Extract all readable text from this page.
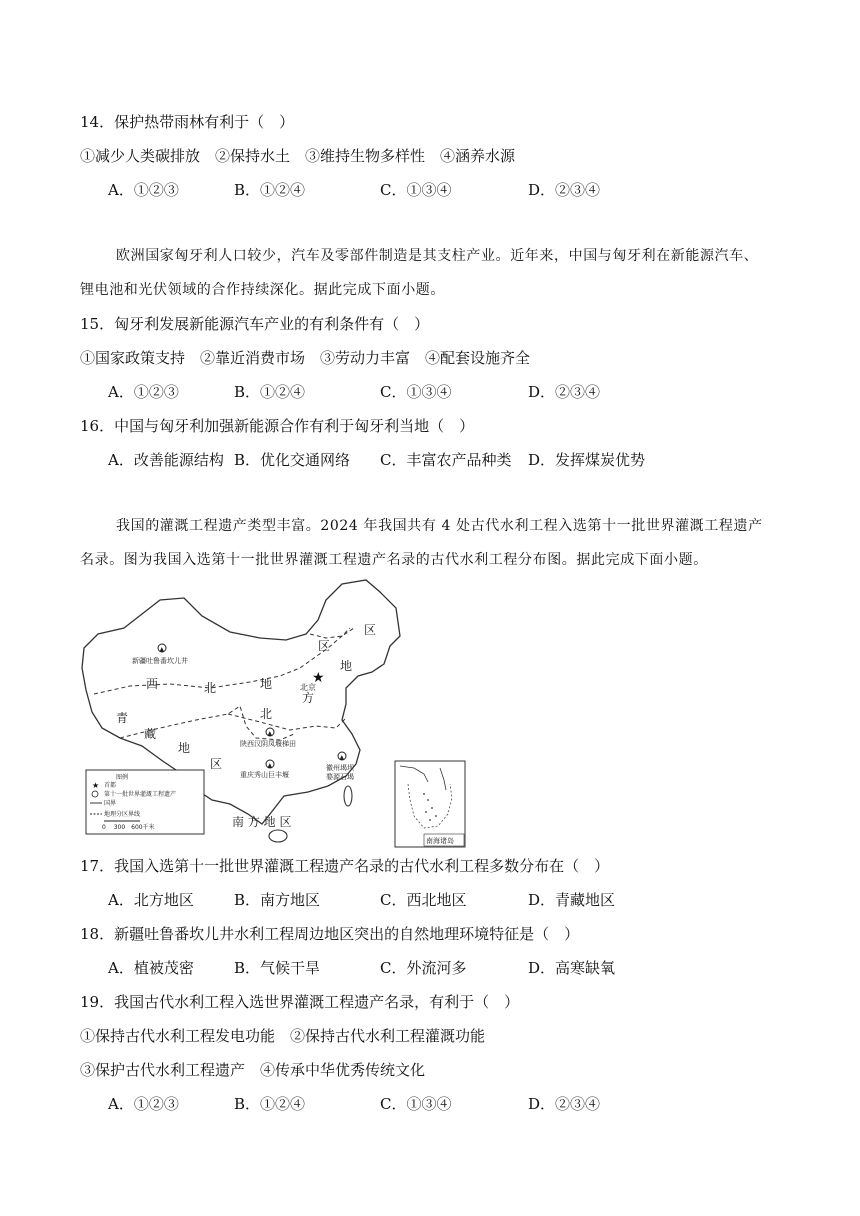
14．保护热带雨林有利于（　）
①减少人类碳排放　②保持水土　③维持生物多样性　④涵养水源
A．①②③	B．①②④	C．①③④	D．②③④
欧洲国家匈牙利人口较少，汽车及零部件制造是其支柱产业。近年来，中国与匈牙利在新能源汽车、
锂电池和光伏领域的合作持续深化。据此完成下面小题。
15．匈牙利发展新能源汽车产业的有利条件有（　）
①国家政策支持　②靠近消费市场　③劳动力丰富　④配套设施齐全
A．①②③	B．①②④	C．①③④	D．②③④
16．中国与匈牙利加强新能源合作有利于匈牙利当地（　）
A．改善能源结构 B．优化交通网络 C．丰富农产品种类 D．发挥煤炭优势
我国的灌溉工程遗产类型丰富。2024 年我国共有 4 处古代水利工程入选第十一批世界灌溉工程遗产
名录。图为我国入选第十一批世界灌溉工程遗产名录的古代水利工程分布图。据此完成下面小题。
区
区
地
西	北	地
青
藏
地
区
北
方
南 方 地 区
★
北京
▲
新疆吐鲁番坎儿井
▲
陕西汉阴凤堰梯田
▲
重庆秀山巨丰堰
▲
徽州堨坝
婺源石堨
图例
★ 首都
第十一批世界灌溉工程遗产
国界
地理分区界线
0　 300　600千米
南海诸岛
17．我国入选第十一批世界灌溉工程遗产名录的古代水利工程多数分布在（　）
A．北方地区	B．南方地区	C．西北地区	D．青藏地区
18．新疆吐鲁番坎儿井水利工程周边地区突出的自然地理环境特征是（　）
A．植被茂密	B．气候干旱	C．外流河多	D．高寒缺氧
19．我国古代水利工程入选世界灌溉工程遗产名录，有利于（　）
①保持古代水利工程发电功能　②保持古代水利工程灌溉功能
③保护古代水利工程遗产　④传承中华优秀传统文化
A．①②③	B．①②④	C．①③④	D．②③④
